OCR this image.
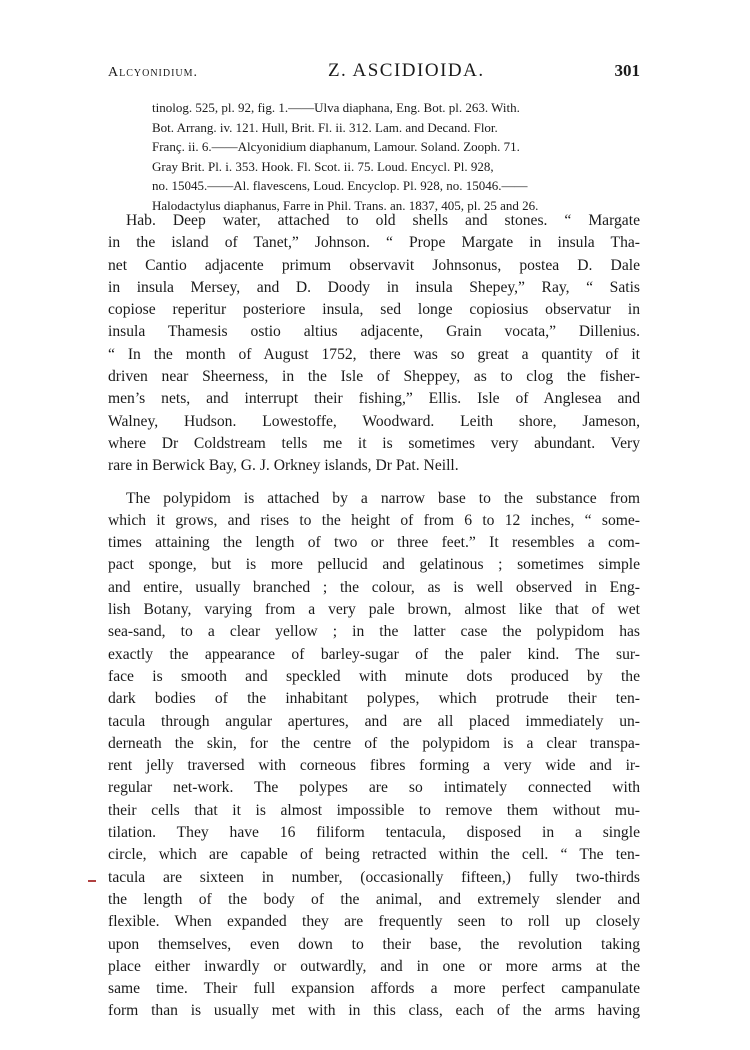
Alcyonidium.	Z. ASCIDIOIDA.	301
tinolog. 525, pl. 92, fig. 1.——Ulva diaphana, Eng. Bot. pl. 263. With.
Bot. Arrang. iv. 121. Hull, Brit. Fl. ii. 312. Lam. and Decand. Flor.
Franç. ii. 6.——Alcyonidium diaphanum, Lamour. Soland. Zooph. 71.
Gray Brit. Pl. i. 353. Hook. Fl. Scot. ii. 75. Loud. Encycl. Pl. 928,
no. 15045.——Al. flavescens, Loud. Encyclop. Pl. 928, no. 15046.——
Halodactylus diaphanus, Farre in Phil. Trans. an. 1837, 405, pl. 25 and 26.
Hab. Deep water, attached to old shells and stones. “ Margate
in the island of Tanet,” Johnson. “ Prope Margate in insula Tha-
net Cantio adjacente primum observavit Johnsonus, postea D. Dale
in insula Mersey, and D. Doody in insula Shepey,” Ray, “ Satis
copiose reperitur posteriore insula, sed longe copiosius observatur in
insula Thamesis ostio altius adjacente, Grain vocata,” Dillenius.
“ In the month of August 1752, there was so great a quantity of it
driven near Sheerness, in the Isle of Sheppey, as to clog the fisher-
men’s nets, and interrupt their fishing,” Ellis. Isle of Anglesea and
Walney, Hudson. Lowestoffe, Woodward. Leith shore, Jameson,
where Dr Coldstream tells me it is sometimes very abundant. Very
rare in Berwick Bay, G. J. Orkney islands, Dr Pat. Neill.
The polypidom is attached by a narrow base to the substance from
which it grows, and rises to the height of from 6 to 12 inches, “ some-
times attaining the length of two or three feet.” It resembles a com-
pact sponge, but is more pellucid and gelatinous ; sometimes simple
and entire, usually branched ; the colour, as is well observed in Eng-
lish Botany, varying from a very pale brown, almost like that of wet
sea-sand, to a clear yellow ; in the latter case the polypidom has
exactly the appearance of barley-sugar of the paler kind. The sur-
face is smooth and speckled with minute dots produced by the
dark bodies of the inhabitant polypes, which protrude their ten-
tacula through angular apertures, and are all placed immediately un-
derneath the skin, for the centre of the polypidom is a clear transpa-
rent jelly traversed with corneous fibres forming a very wide and ir-
regular net-work. The polypes are so intimately connected with
their cells that it is almost impossible to remove them without mu-
tilation. They have 16 filiform tentacula, disposed in a single
circle, which are capable of being retracted within the cell. “ The ten-
tacula are sixteen in number, (occasionally fifteen,) fully two-thirds
the length of the body of the animal, and extremely slender and
flexible. When expanded they are frequently seen to roll up closely
upon themselves, even down to their base, the revolution taking
place either inwardly or outwardly, and in one or more arms at the
same time. Their full expansion affords a more perfect campanulate
form than is usually met with in this class, each of the arms having
